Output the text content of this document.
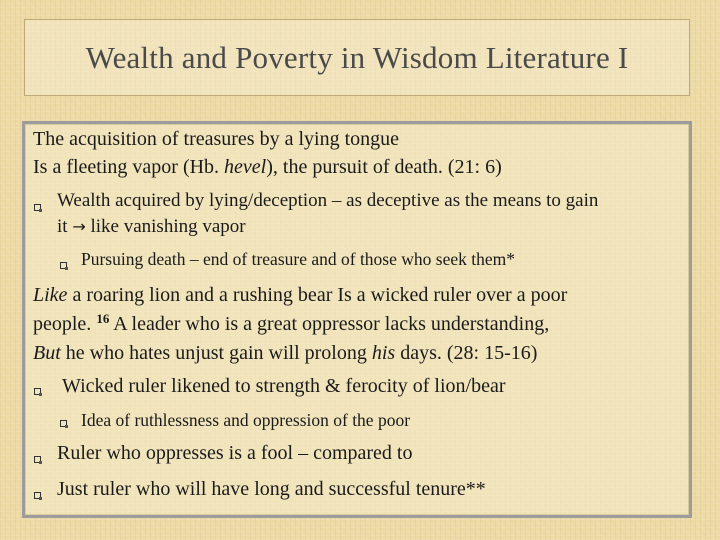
Wealth and Poverty in Wisdom Literature I
The acquisition of treasures by a lying tongue
Is a fleeting vapor (Hb. hevel), the pursuit of death. (21: 6)
Wealth acquired by lying/deception – as deceptive as the means to gain
it → like vanishing vapor
Pursuing death – end of treasure and of those who seek them*
Like a roaring lion and a rushing bear Is a wicked ruler over a poor
people. $^{16}$ A leader who is a great oppressor lacks understanding,
But he who hates unjust gain will prolong his days. (28: 15-16)
Wicked ruler likened to strength & ferocity of lion/bear
Idea of ruthlessness and oppression of the poor
Ruler who oppresses is a fool – compared to
Just ruler who will have long and successful tenure**
